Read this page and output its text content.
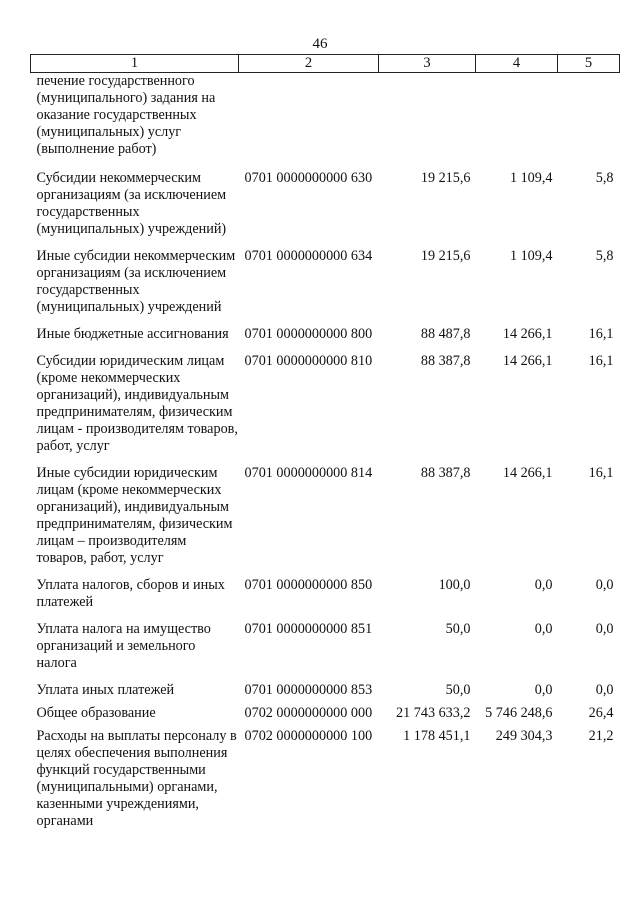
46
1	2	3	4	5
печение государственного (муниципального) задания на оказание государственных (муниципальных) услуг (выполнение работ)				
Субсидии некоммерческим организациям (за исключением государственных (муниципальных) учреждений)	0701 0000000000 630	19 215,6	1 109,4	5,8
Иные субсидии некоммерческим организациям (за исключением государственных (муниципальных) учреждений	0701 0000000000 634	19 215,6	1 109,4	5,8
Иные бюджетные ассигнования	0701 0000000000 800	88 487,8	14 266,1	16,1
Субсидии юридическим лицам (кроме некоммерческих организаций), индивидуальным предпринимателям, физическим лицам - производителям товаров, работ, услуг	0701 0000000000 810	88 387,8	14 266,1	16,1
Иные субсидии юридическим лицам (кроме некоммерческих организаций), индивидуальным предпринимателям, физическим лицам – производителям товаров, работ, услуг	0701 0000000000 814	88 387,8	14 266,1	16,1
Уплата налогов, сборов и иных платежей	0701 0000000000 850	100,0	0,0	0,0
Уплата налога на имущество организаций и земельного налога	0701 0000000000 851	50,0	0,0	0,0
Уплата иных платежей	0701 0000000000 853	50,0	0,0	0,0
Общее образование	0702 0000000000 000	21 743 633,2	5 746 248,6	26,4
Расходы на выплаты персоналу в целях обеспечения выполнения функций государственными (муниципальными) органами, казенными учреждениями, органами	0702 0000000000 100	1 178 451,1	249 304,3	21,2
